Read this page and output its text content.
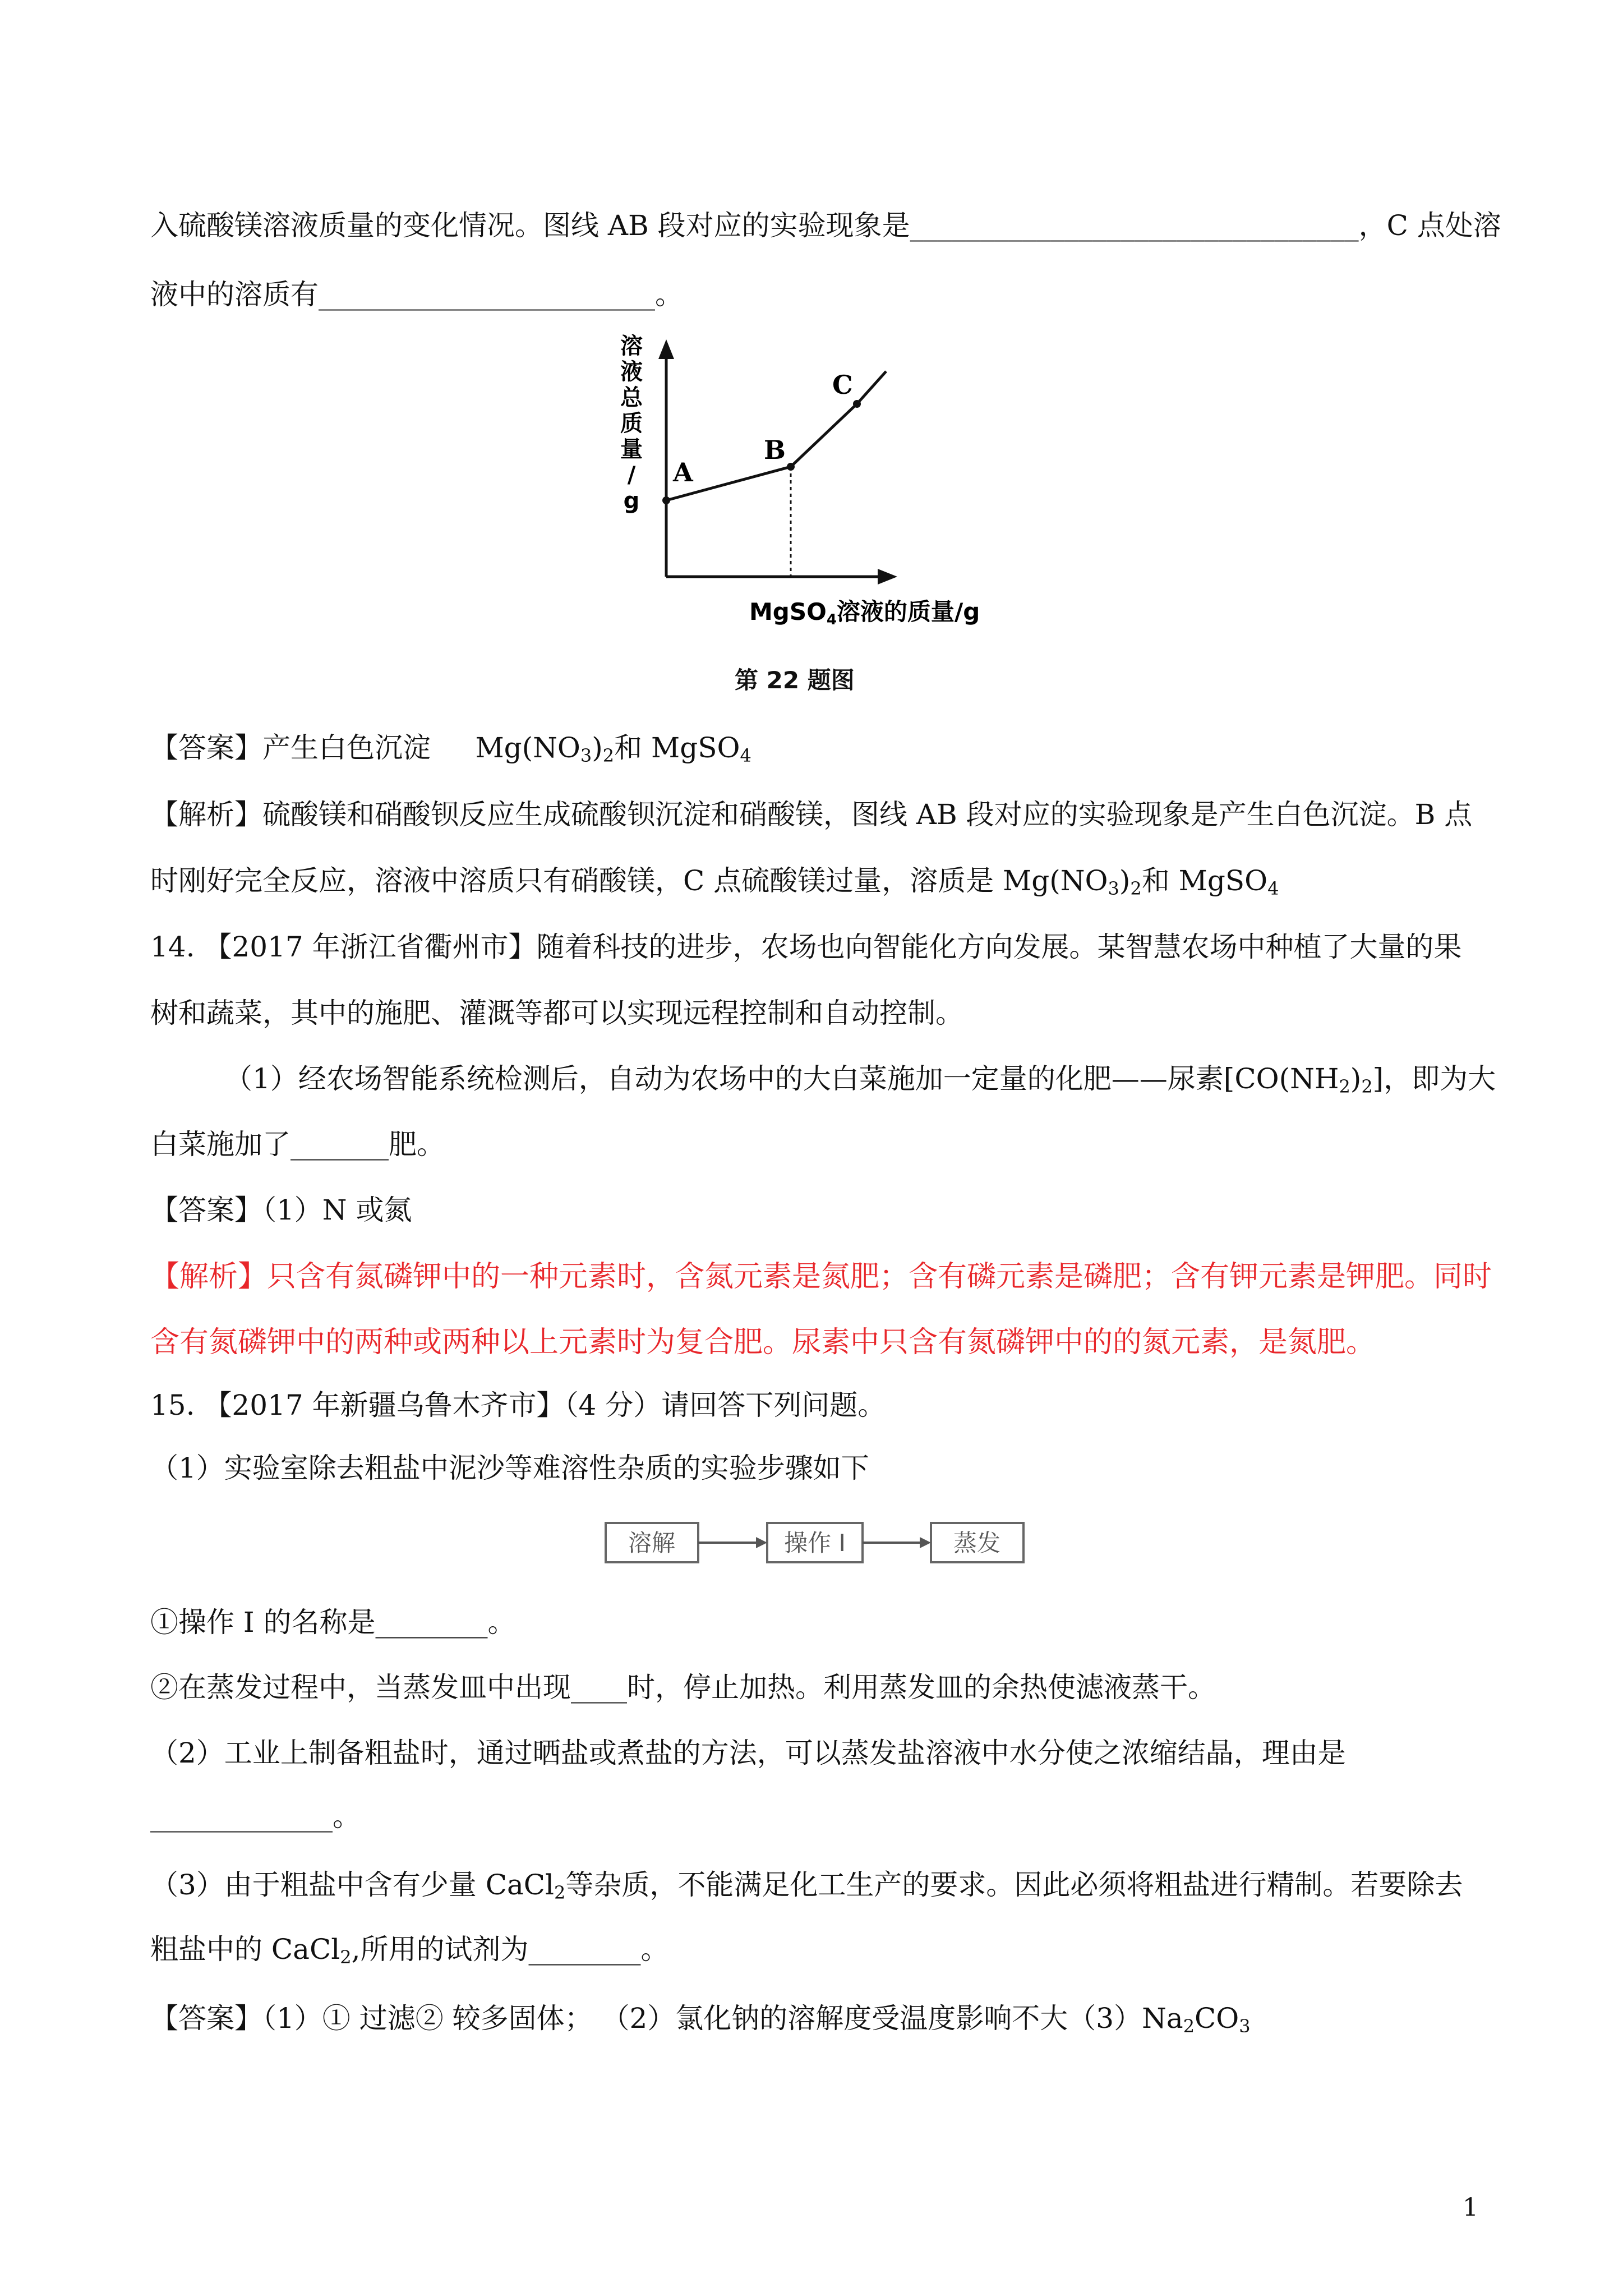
入硫酸镁溶液质量的变化情况。图线 AB 段对应的实验现象是________________________________，C 点处溶
液中的溶质有________________________。
A
B
C
溶
液
总
质
量
/
g
MgSO4溶液的质量/g
第 22 题图
【答案】产生白色沉淀 $Mg(NO_3)_2$和 MgSO$_4$
【解析】硫酸镁和硝酸钡反应生成硫酸钡沉淀和硝酸镁，图线 AB 段对应的实验现象是产生白色沉淀。B 点
时刚好完全反应，溶液中溶质只有硝酸镁，C 点硫酸镁过量，溶质是 $Mg(NO_3)_2$和 MgSO$_4$
14. 【2017 年浙江省衢州市】随着科技的进步，农场也向智能化方向发展。某智慧农场中种植了大量的果
树和蔬菜，其中的施肥、灌溉等都可以实现远程控制和自动控制。
（1）经农场智能系统检测后，自动为农场中的大白菜施加一定量的化肥——尿素$[CO(NH_2)_2]$，即为大
白菜施加了_______肥。
【答案】（1）N 或氮
【解析】只含有氮磷钾中的一种元素时，含氮元素是氮肥；含有磷元素是磷肥；含有钾元素是钾肥。同时
含有氮磷钾中的两种或两种以上元素时为复合肥。尿素中只含有氮磷钾中的的氮元素，是氮肥。
15. 【2017 年新疆乌鲁木齐市】（4 分）请回答下列问题。
（1）实验室除去粗盐中泥沙等难溶性杂质的实验步骤如下
溶解	操作 I	蒸发
①操作 I 的名称是________。
②在蒸发过程中，当蒸发皿中出现____时，停止加热。利用蒸发皿的余热使滤液蒸干。
（2）工业上制备粗盐时，通过晒盐或煮盐的方法，可以蒸发盐溶液中水分使之浓缩结晶，理由是
_____________。
（3）由于粗盐中含有少量 CaCl$_2$等杂质，不能满足化工生产的要求。因此必须将粗盐进行精制。若要除去
粗盐中的 CaCl$_2$,所用的试剂为________。
【答案】（1）① 过滤② 较多固体； （2）氯化钠的溶解度受温度影响不大$(3)Na_2CO_3$
1
